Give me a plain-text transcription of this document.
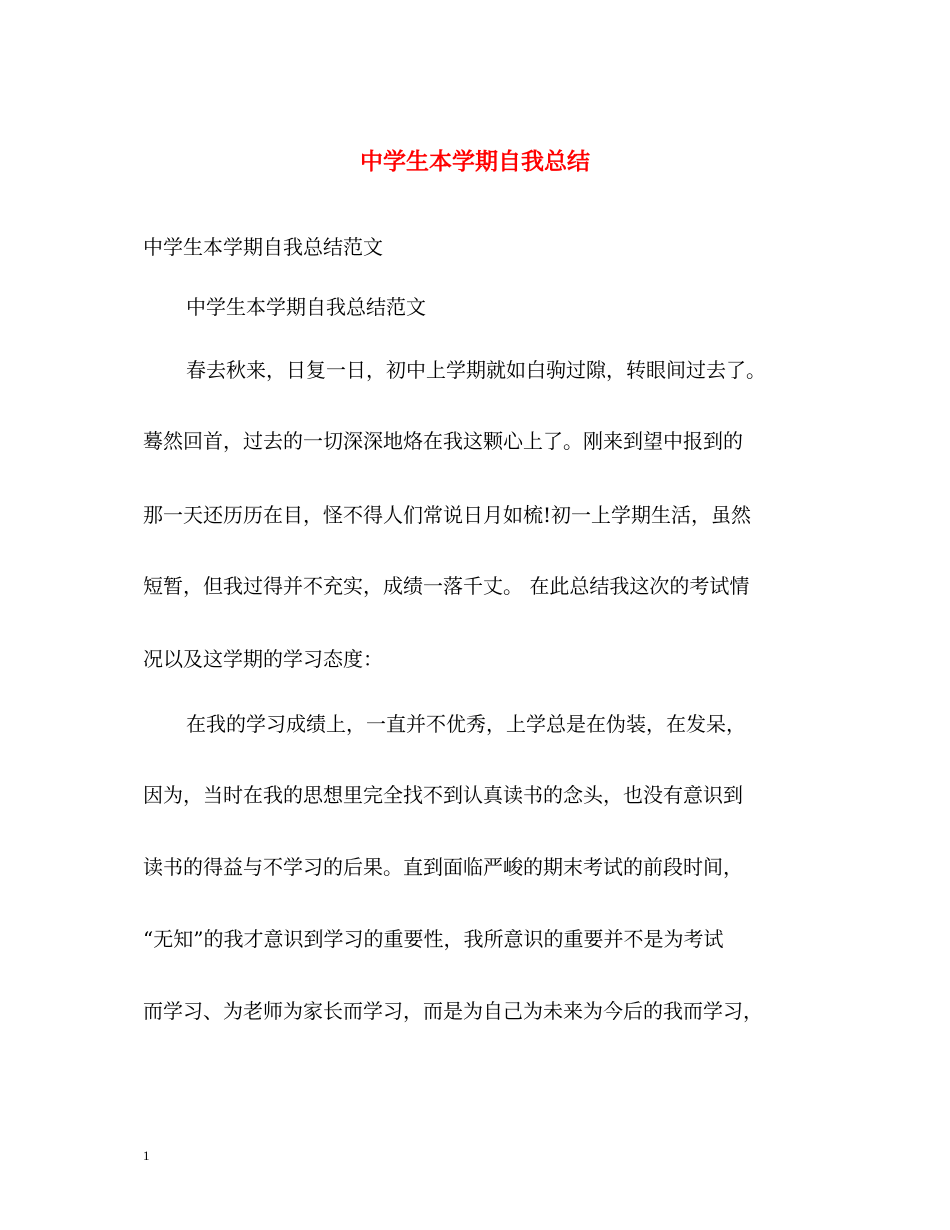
中学生本学期自我总结
中学生本学期自我总结范文
中学生本学期自我总结范文
春去秋来，日复一日，初中上学期就如白驹过隙，转眼间过去了。
蓦然回首，过去的一切深深地烙在我这颗心上了。刚来到望中报到的
那一天还历历在目，怪不得人们常说日月如梳!初一上学期生活，虽然
短暂，但我过得并不充实，成绩一落千丈。 在此总结我这次的考试情
况以及这学期的学习态度：
在我的学习成绩上，一直并不优秀，上学总是在伪装，在发呆，
因为，当时在我的思想里完全找不到认真读书的念头，也没有意识到
读书的得益与不学习的后果。直到面临严峻的期末考试的前段时间，
“无知”的我才意识到学习的重要性，我所意识的重要并不是为考试
而学习、为老师为家长而学习，而是为自己为未来为今后的我而学习，
1
